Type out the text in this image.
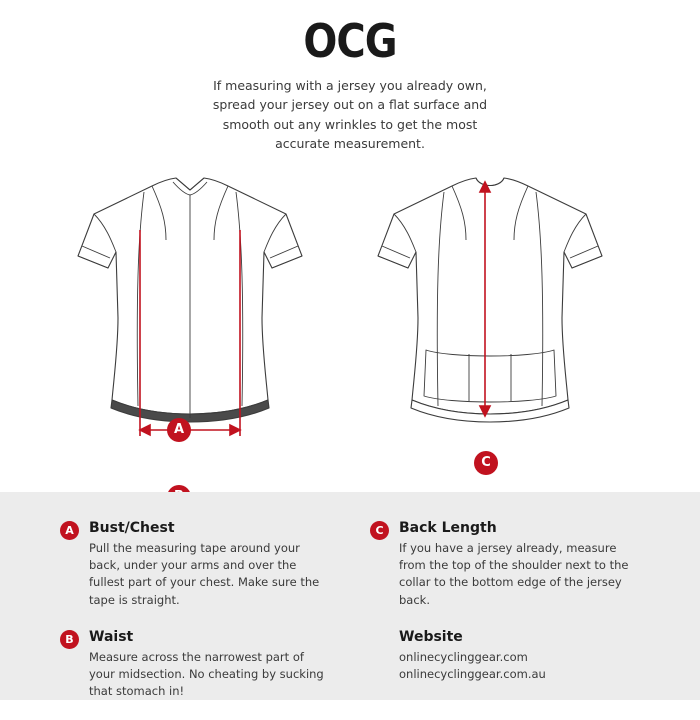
OCG

If measuring with a jersey you already own, spread your jersey out on a flat surface and smooth out any wrinkles to get the most accurate measurement.

A
C
A	Bust/Chest

Pull the measuring tape around your back, under your arms and over the fullest part of your chest. Make sure the tape is straight.

B	Waist

Measure across the narrowest part of your midsection. No cheating by sucking that stomach in!

C	Back Length

If you have a jersey already, measure from the top of the shoulder next to the collar to the bottom edge of the jersey back.

Website

onlinecyclinggear.com

onlinecyclinggear.com.au
